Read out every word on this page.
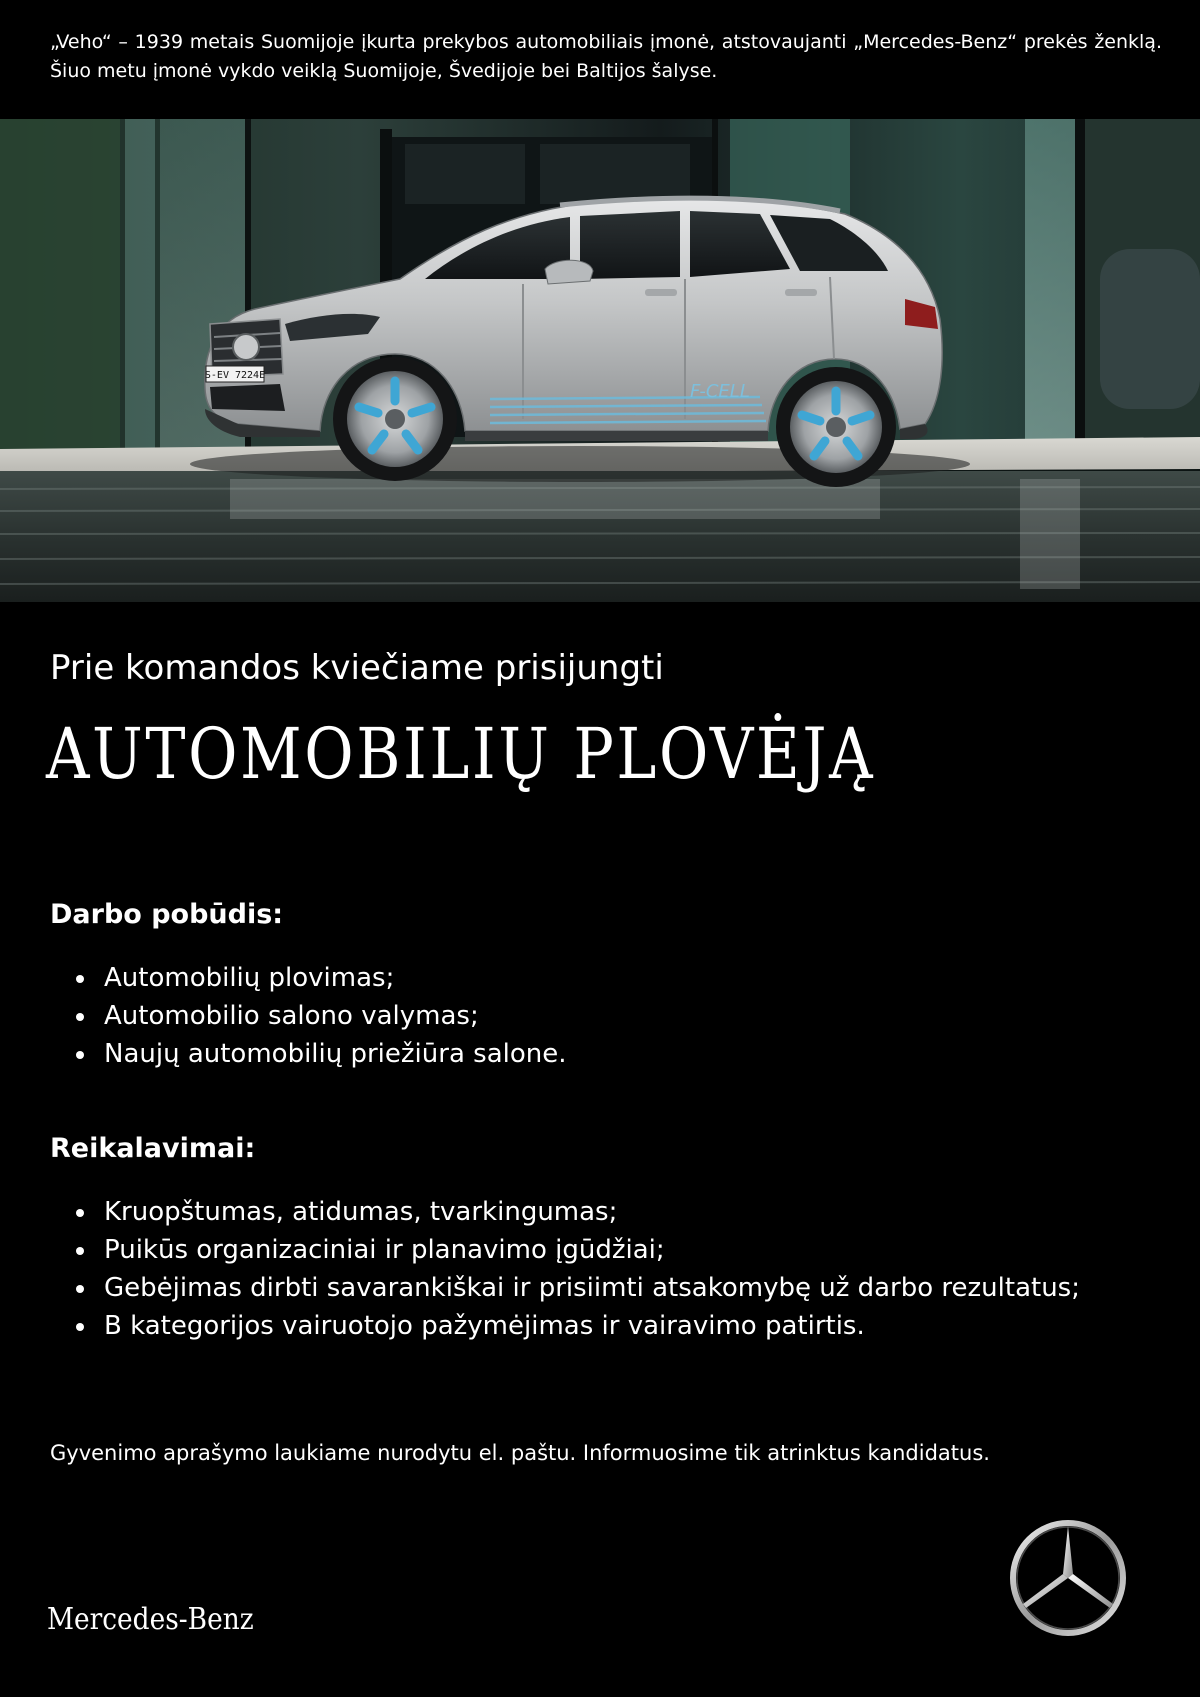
„Veho“ – 1939 metais Suomijoje įkurta prekybos automobiliais įmonė, atstovaujanti „Mercedes-Benz“ prekės ženklą. Šiuo metu įmonė vykdo veiklą Suomijoje, Švedijoje bei Baltijos šalyse.
S-EV 7224E
F-CELL
Prie komandos kviečiame prisijungti
AUTOMOBILIŲ PLOVĖJĄ
Darbo pobūdis:
Automobilių plovimas;
Automobilio salono valymas;
Naujų automobilių priežiūra salone.
Reikalavimai:
Kruopštumas, atidumas, tvarkingumas;
Puikūs organizaciniai ir planavimo įgūdžiai;
Gebėjimas dirbti savarankiškai ir prisiimti atsakomybę už darbo rezultatus;
B kategorijos vairuotojo pažymėjimas ir vairavimo patirtis.
Gyvenimo aprašymo laukiame nurodytu el. paštu. Informuosime tik atrinktus kandidatus.
Mercedes-Benz
